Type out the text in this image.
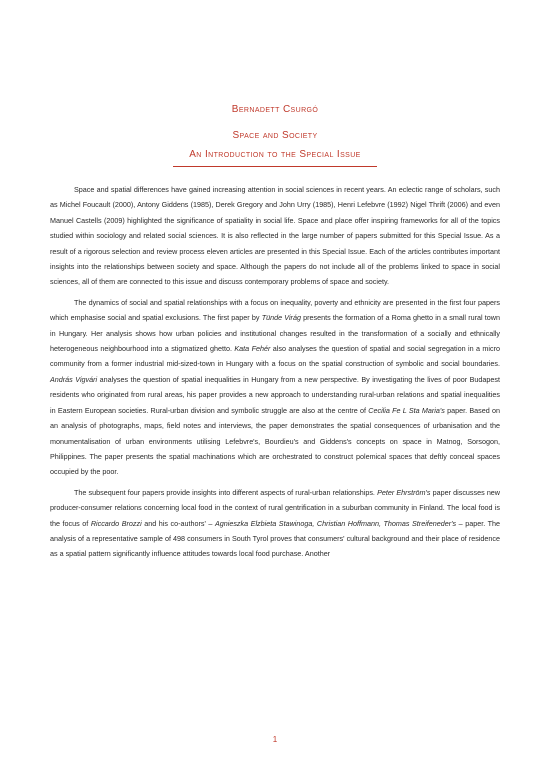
Bernadett Csurgó
Space and Society
An Introduction to the Special Issue

Space and spatial differences have gained increasing attention in social sciences in recent years. An eclectic range of scholars, such as Michel Foucault (2000), Antony Giddens (1985), Derek Gregory and John Urry (1985), Henri Lefebvre (1992) Nigel Thrift (2006) and even Manuel Castells (2009) highlighted the significance of spatiality in social life. Space and place offer inspiring frameworks for all of the topics studied within sociology and related social sciences. It is also reflected in the large number of papers submitted for this Special Issue. As a result of a rigorous selection and review process eleven articles are presented in this Special Issue. Each of the articles contributes important insights into the relationships between society and space. Although the papers do not include all of the problems linked to space in social sciences, all of them are connected to this issue and discuss contemporary problems of space and society.

The dynamics of social and spatial relationships with a focus on inequality, poverty and ethnicity are presented in the first four papers which emphasise social and spatial exclusions. The first paper by Tünde Virág presents the formation of a Roma ghetto in a small rural town in Hungary. Her analysis shows how urban policies and institutional changes resulted in the transformation of a socially and ethnically heterogeneous neighbourhood into a stigmatized ghetto. Kata Fehér also analyses the question of spatial and social segregation in a micro community from a former industrial mid-sized-town in Hungary with a focus on the spatial construction of symbolic and social boundaries. András Vigvári analyses the question of spatial inequalities in Hungary from a new perspective. By investigating the lives of poor Budapest residents who originated from rural areas, his paper provides a new approach to understanding rural-urban relations and spatial inequalities in Eastern European societies. Rural-urban division and symbolic struggle are also at the centre of Cecilia Fe L Sta Maria's paper. Based on an analysis of photographs, maps, field notes and interviews, the paper demonstrates the spatial consequences of urbanisation and the monumentalisation of urban environments utilising Lefebvre's, Bourdieu's and Giddens's concepts on space in Matnog, Sorsogon, Philippines. The paper presents the spatial machinations which are orchestrated to construct polemical spaces that deftly conceal spaces occupied by the poor.

The subsequent four papers provide insights into different aspects of rural-urban relationships. Peter Ehrström's paper discusses new producer-consumer relations concerning local food in the context of rural gentrification in a suburban community in Finland. The local food is the focus of Riccardo Brozzi and his co-authors' – Agnieszka Elzbieta Stawinoga, Christian Hoffmann, Thomas Streifeneder's – paper. The analysis of a representative sample of 498 consumers in South Tyrol proves that consumers' cultural background and their place of residence as a spatial pattern significantly influence attitudes towards local food purchase. Another

1
